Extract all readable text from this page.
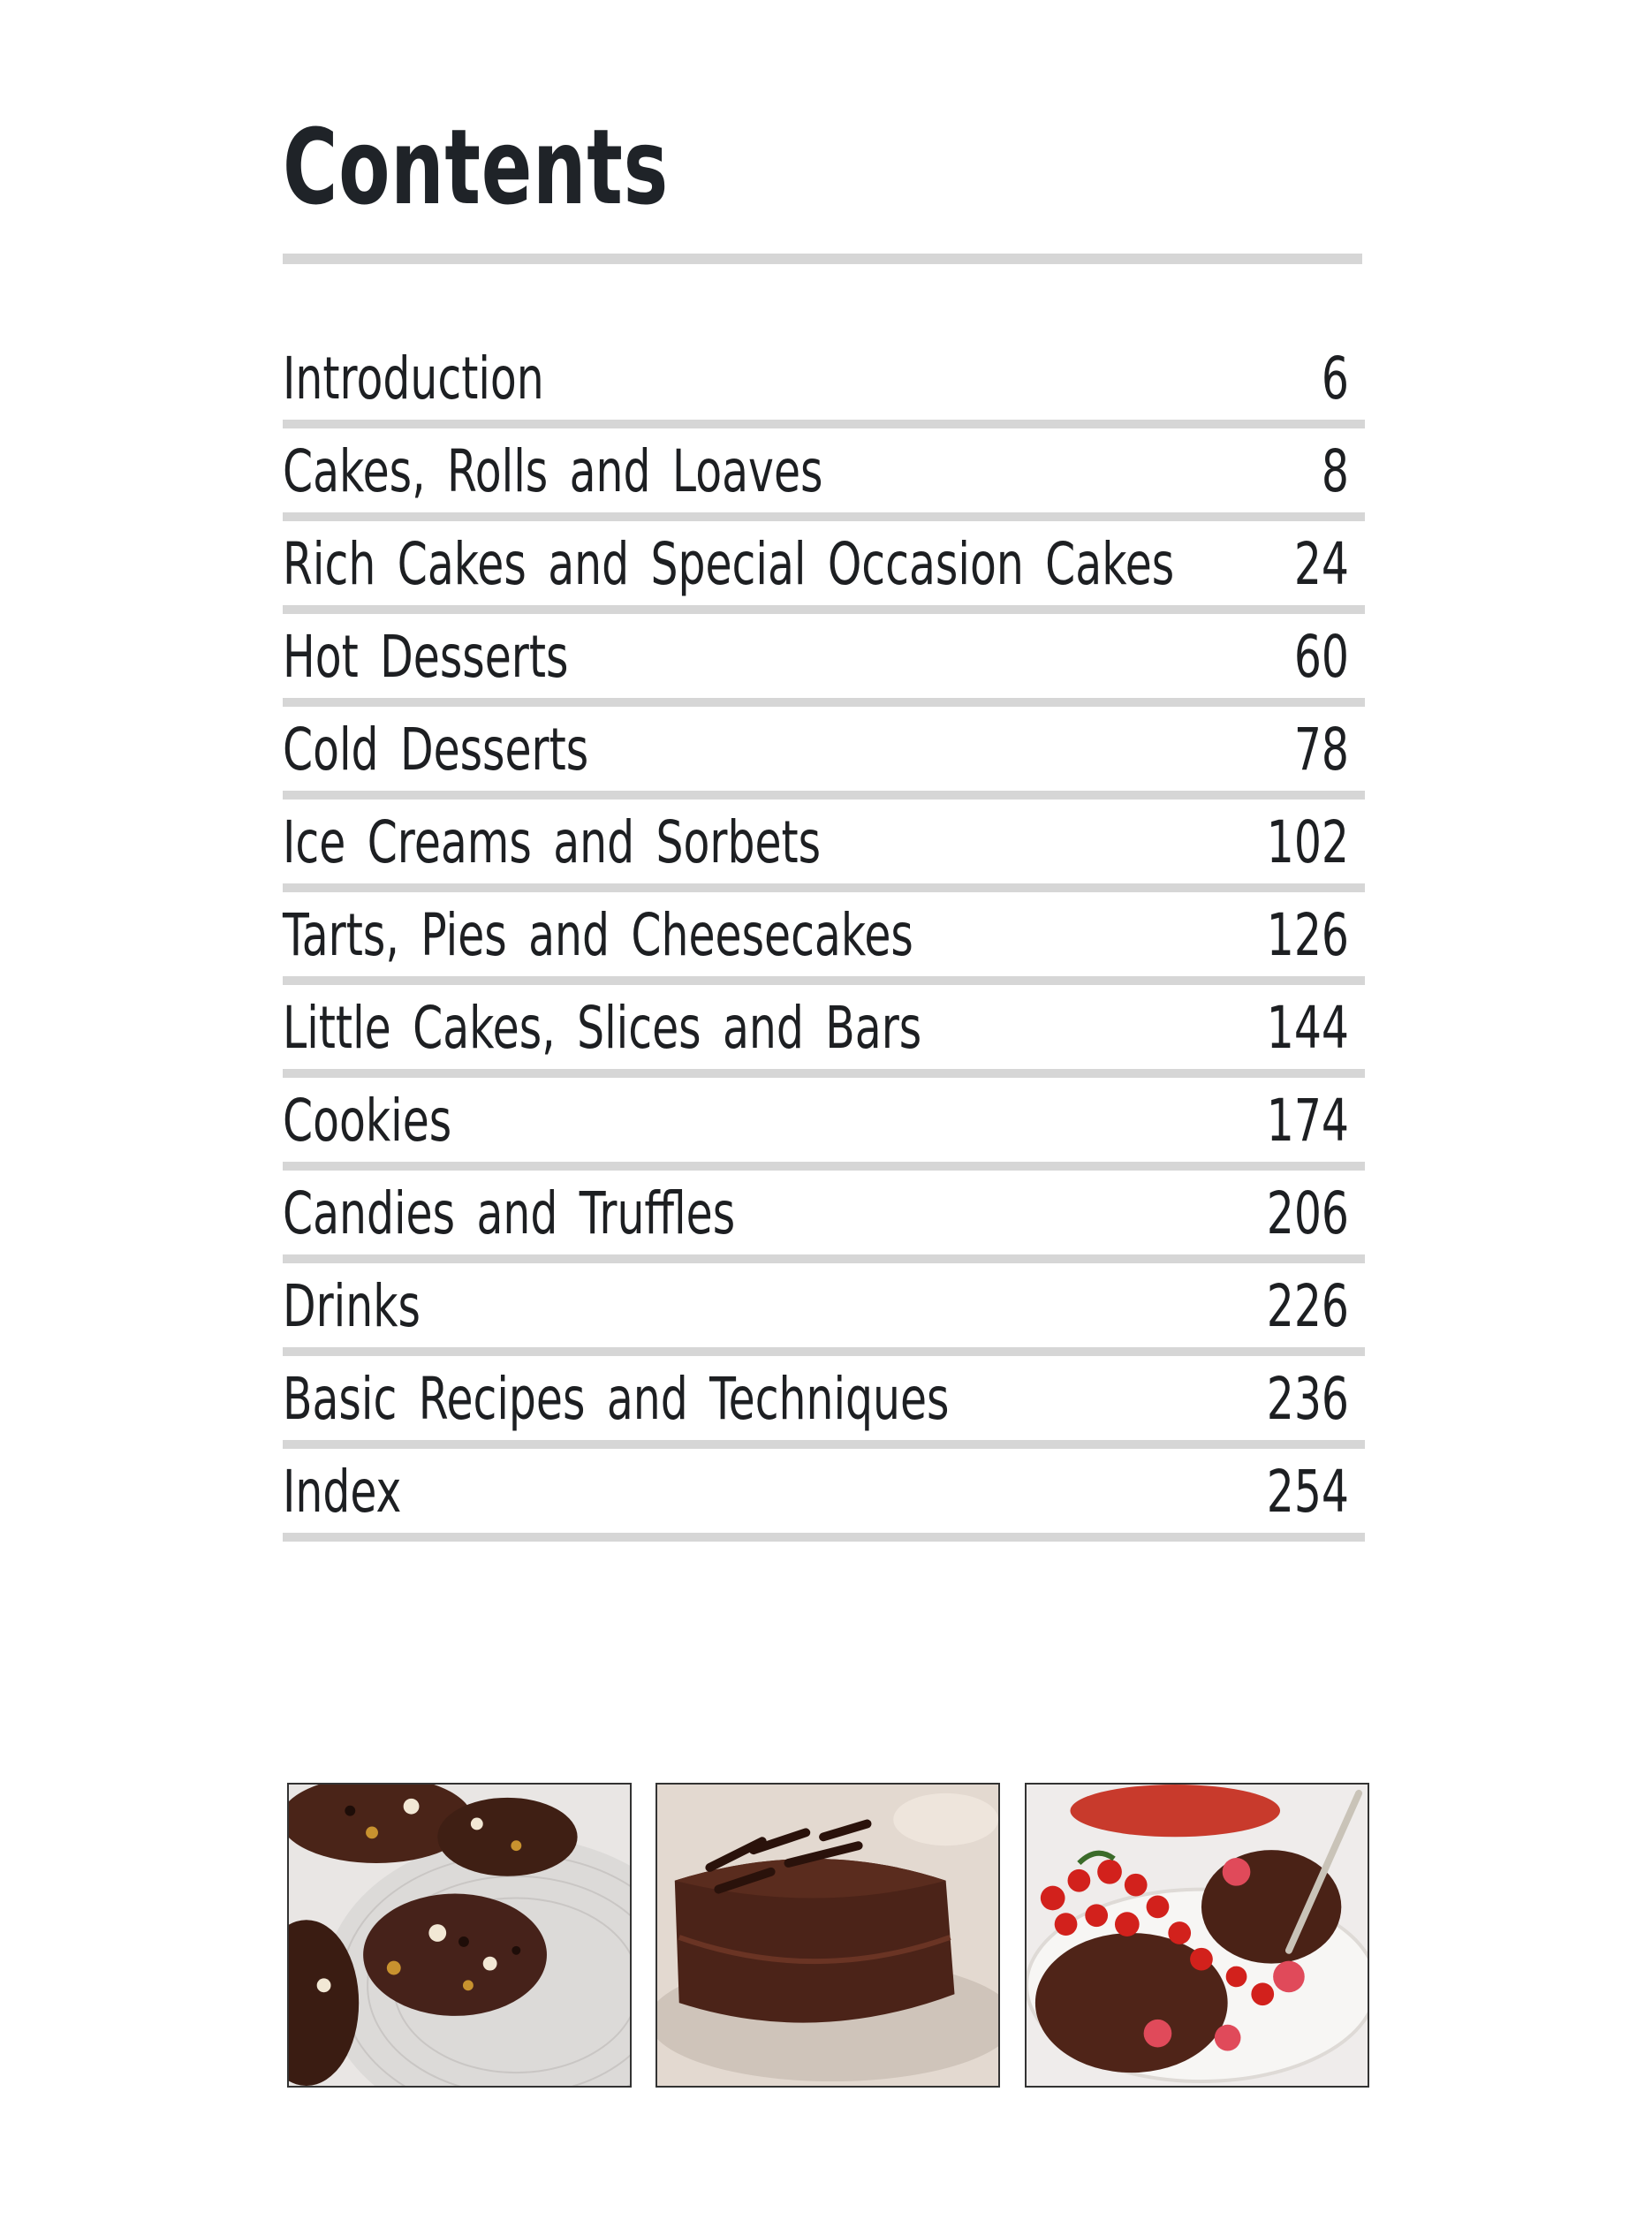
Contents
Introduction	6
Cakes, Rolls and Loaves	8
Rich Cakes and Special Occasion Cakes 24
Hot Desserts	60
Cold Desserts	78
Ice Creams and Sorbets	102
Tarts, Pies and Cheesecakes	126
Little Cakes, Slices and Bars	144
Cookies	174
Candies and Truffles	206
Drinks	226
Basic Recipes and Techniques	236
Index	254
